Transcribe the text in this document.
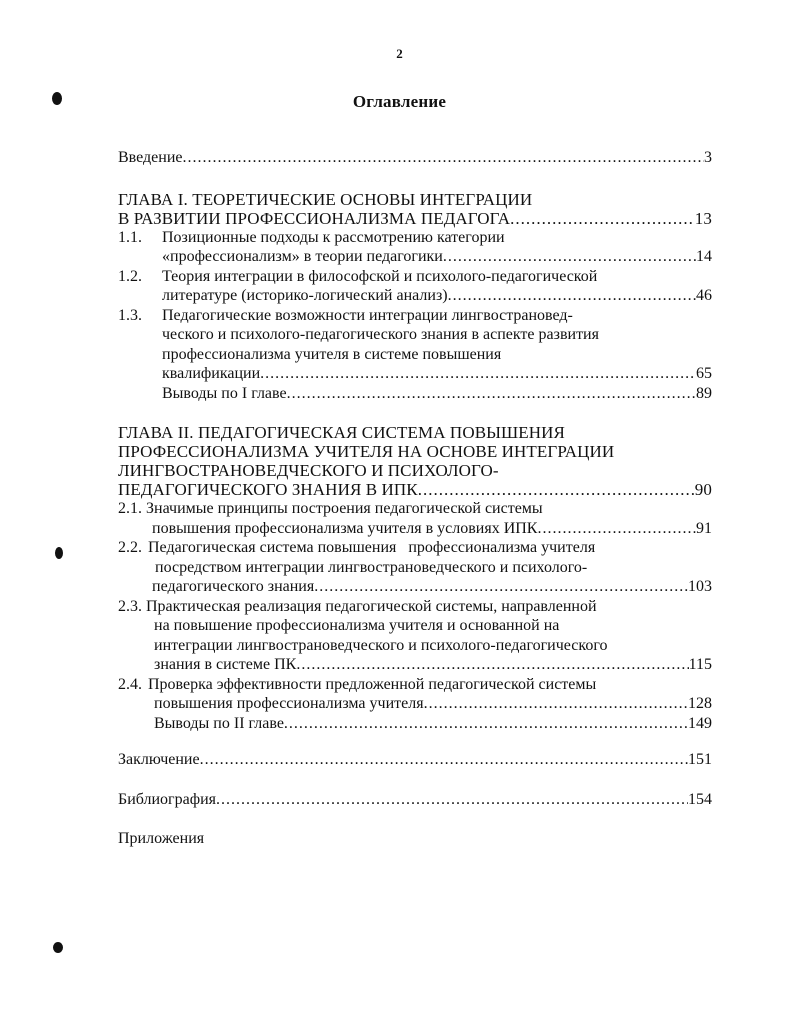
2
Оглавление
Введение .....	3
ГЛАВА I. ТЕОРЕТИЧЕСКИЕ ОСНОВЫ ИНТЕГРАЦИИ
В РАЗВИТИИ ПРОФЕССИОНАЛИЗМА ПЕДАГОГА .....	13
1.1.	Позиционные подходы к рассмотрению категории
«профессионализм» в теории педагогики .....	14
1.2.	Теория интеграции в философской и психолого-педагогической
литературе (историко-логический анализ) .....	46
1.3.	Педагогические возможности интеграции лингвострановед-
ческого и психолого-педагогического знания в аспекте развития
профессионализма учителя в системе повышения
квалификации .....	65
Выводы по I главе .....	89
ГЛАВА II. ПЕДАГОГИЧЕСКАЯ СИСТЕМА ПОВЫШЕНИЯ
ПРОФЕССИОНАЛИЗМА УЧИТЕЛЯ НА ОСНОВЕ ИНТЕГРАЦИИ
ЛИНГВОСТРАНОВЕДЧЕСКОГО И ПСИХОЛОГО-
ПЕДАГОГИЧЕСКОГО ЗНАНИЯ В ИПК .....	90
2.1. Значимые принципы построения педагогической системы
повышения профессионализма учителя в условиях ИПК .....	91
2.2. Педагогическая система повышения   профессионализма учителя
посредством интеграции лингвострановедческого и психолого-
педагогического знания .....	103
2.3. Практическая реализация педагогической системы, направленной
на повышение профессионализма учителя и основанной на
интеграции лингвострановедческого и психолого-педагогического
знания в системе ПК .....	115
2.4. Проверка эффективности предложенной педагогической системы
повышения профессионализма учителя .....	128
Выводы по II главе .....	149
Заключение .....	151
Библиография .....	154
Приложения
